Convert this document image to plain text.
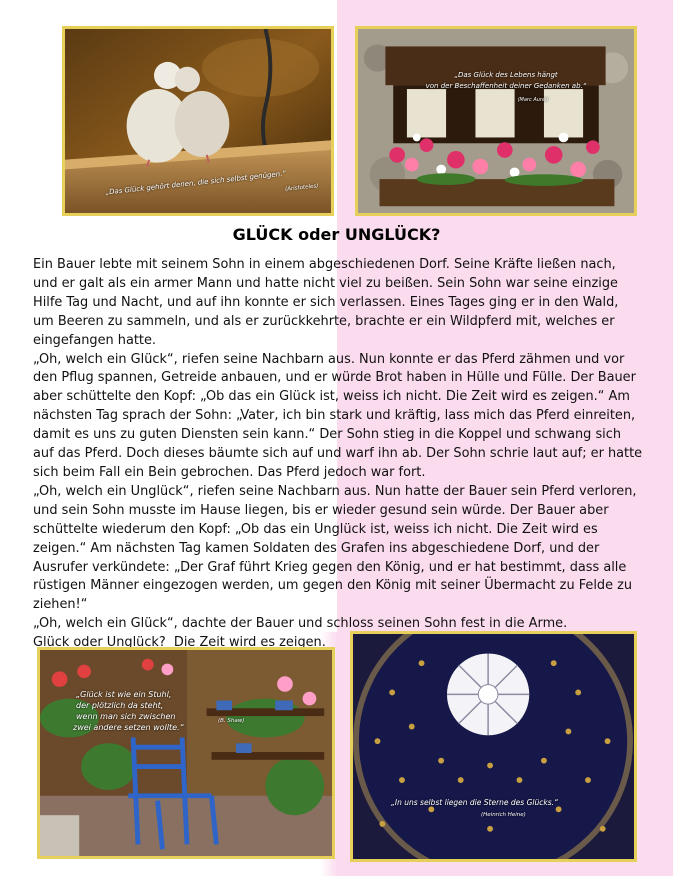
„Das Glück gehört denen, die sich selbst genügen.“
(Aristoteles)
„Das Glück des Lebens hängt
von der Beschaffenheit deiner Gedanken ab.“
(Marc Aurel)
GLÜCK oder UNGLÜCK?

Ein Bauer lebte mit seinem Sohn in einem abgeschiedenen Dorf. Seine Kräfte ließen nach, und er galt als ein armer Mann und hatte nicht viel zu beißen. Sein Sohn war seine einzige Hilfe Tag und Nacht, und auf ihn konnte er sich verlassen. Eines Tages ging er in den Wald, um Beeren zu sammeln, und als er zurückkehrte, brachte er ein Wildpferd mit, welches er eingefangen hatte.

„Oh, welch ein Glück“, riefen seine Nachbarn aus. Nun konnte er das Pferd zähmen und vor den Pflug spannen, Getreide anbauen, und er würde Brot haben in Hülle und Fülle. Der Bauer aber schüttelte den Kopf: „Ob das ein Glück ist, weiss ich nicht. Die Zeit wird es zeigen.“ Am nächsten Tag sprach der Sohn: „Vater, ich bin stark und kräftig, lass mich das Pferd einreiten, damit es uns zu guten Diensten sein kann.“ Der Sohn stieg in die Koppel und schwang sich auf das Pferd. Doch dieses bäumte sich auf und warf ihn ab. Der Sohn schrie laut auf; er hatte sich beim Fall ein Bein gebrochen. Das Pferd jedoch war fort.

„Oh, welch ein Unglück“, riefen seine Nachbarn aus. Nun hatte der Bauer sein Pferd verloren, und sein Sohn musste im Hause liegen, bis er wieder gesund sein würde. Der Bauer aber schüttelte wiederum den Kopf: „Ob das ein Unglück ist, weiss ich nicht. Die Zeit wird es zeigen.“ Am nächsten Tag kamen Soldaten des Grafen ins abgeschiedene Dorf, und der Ausrufer verkündete: „Der Graf führt Krieg gegen den König, und er hat bestimmt, dass alle rüstigen Männer eingezogen werden, um gegen den König mit seiner Übermacht zu Felde zu ziehen!“

„Oh, welch ein Glück“, dachte der Bauer und schloss seinen Sohn fest in die Arme.

Glück oder Unglück?  Die Zeit wird es zeigen.

„Glück ist wie ein Stuhl,
der plötzlich da steht,
wenn man sich zwischen
zwei andere setzen wollte.“
(B. Shaw)
„In uns selbst liegen die Sterne des Glücks.“
(Heinrich Heine)
